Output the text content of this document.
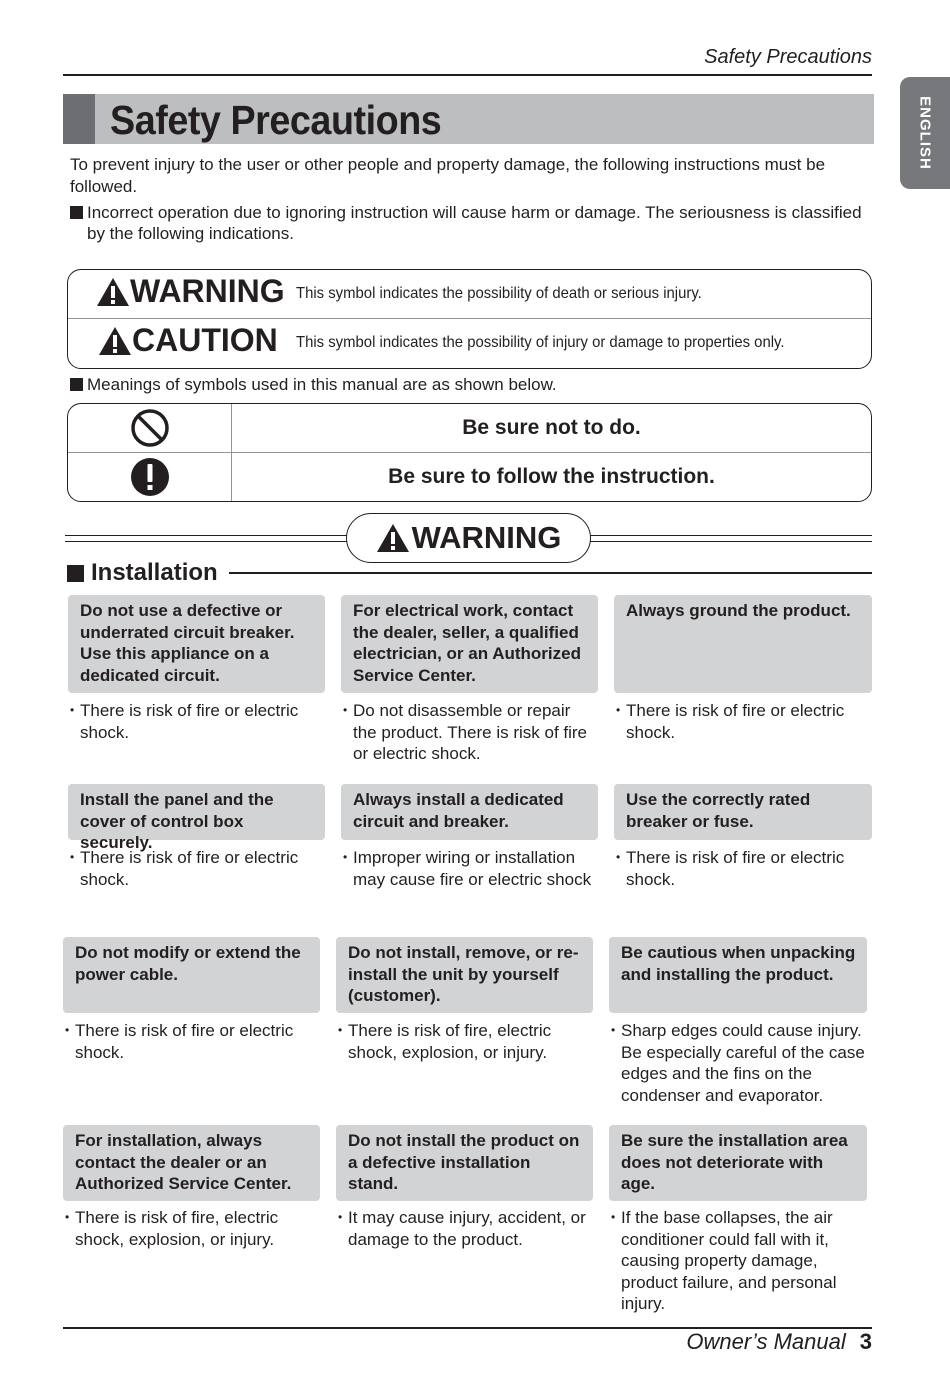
Safety Precautions
ENGLISH
Safety Precautions
To prevent injury to the user or other people and property damage, the following instructions must be followed.
Incorrect operation due to ignoring instruction will cause harm or damage. The seriousness is classified by the following indications.
WARNING This symbol indicates the possibility of death or serious injury.
CAUTION This symbol indicates the possibility of injury or damage to properties only.
Meanings of symbols used in this manual are as shown below.
Be sure not to do.
Be sure to follow the instruction.
WARNING
Installation
Do not use a defective or underrated circuit breaker. Use this appliance on a dedicated circuit.
• There is risk of fire or electric shock.
For electrical work, contact the dealer, seller, a qualified electrician, or an Authorized Service Center.
• Do not disassemble or repair the product. There is risk of fire or electric shock.
Always ground the product.
• There is risk of fire or electric shock.
Install the panel and the cover of control box securely.
• There is risk of fire or electric shock.
Always install a dedicated circuit and breaker.
• Improper wiring or installation may cause fire or electric shock
Use the correctly rated breaker or fuse.
• There is risk of fire or electric shock.
Do not modify or extend the power cable.
• There is risk of fire or electric shock.
Do not install, remove, or re-install the unit by yourself (customer).
• There is risk of fire, electric shock, explosion, or injury.
Be cautious when unpacking and installing the product.
• Sharp edges could cause injury. Be especially careful of the case edges and the fins on the condenser and evaporator.
For installation, always contact the dealer or an Authorized Service Center.
• There is risk of fire, electric shock, explosion, or injury.
Do not install the product on a defective installation stand.
• It may cause injury, accident, or damage to the product.
Be sure the installation area does not deteriorate with age.
• If the base collapses, the air conditioner could fall with it, causing property damage, product failure, and personal injury.
Owner’s Manual 3
